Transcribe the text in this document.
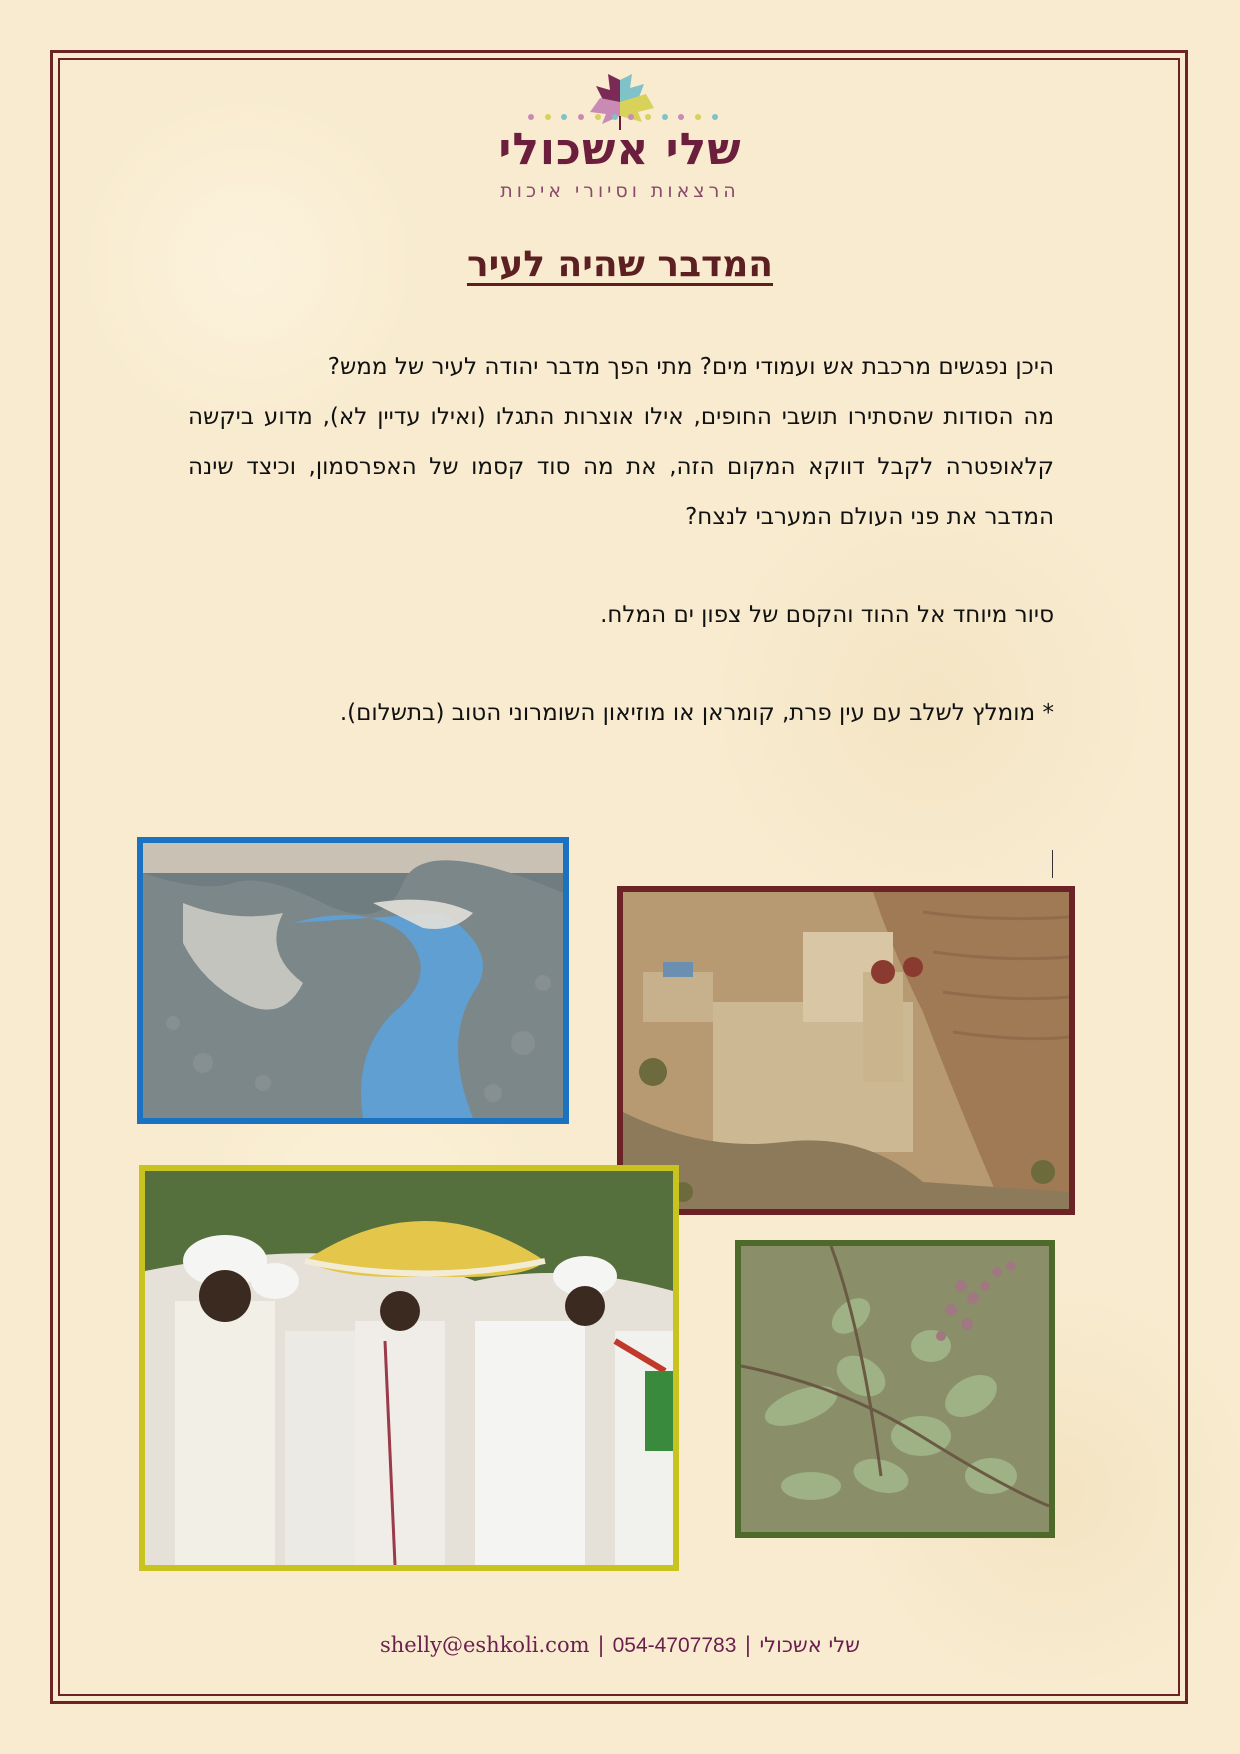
שלי אשכולי
הרצאות וסיורי איכות
המדבר שהיה לעיר

היכן נפגשים מרכבת אש ועמודי מים? מתי הפך מדבר יהודה לעיר של ממש?

מה הסודות שהסתירו תושבי החופים, אילו אוצרות התגלו (ואילו עדיין לא), מדוע ביקשה קלאופטרה לקבל דווקא המקום הזה, את מה סוד קסמו של האפרסמון, וכיצד שינה המדבר את פני העולם המערבי לנצח?

סיור מיוחד אל ההוד והקסם של צפון ים המלח.

* מומלץ לשלב עם עין פרת, קומראן או מוזיאון השומרוני הטוב (בתשלום).

shelly@eshkoli.com | 054-4707783 | שלי אשכולי
